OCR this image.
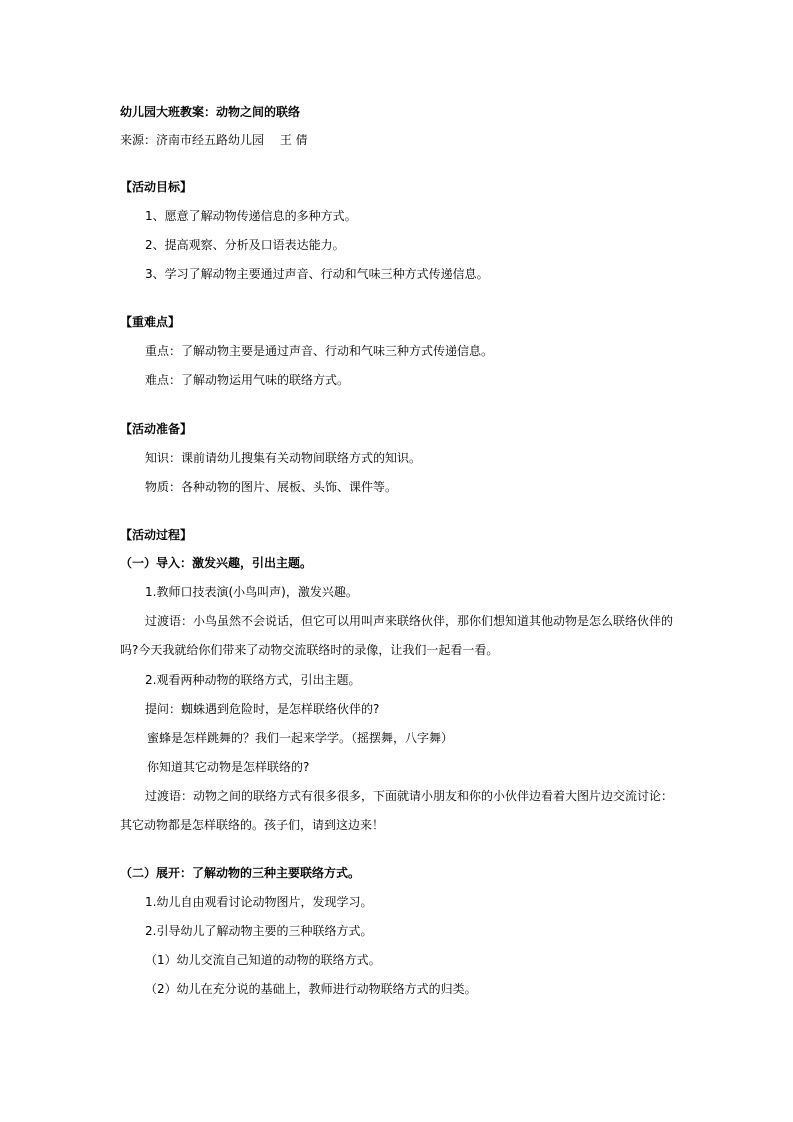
幼儿园大班教案：动物之间的联络
来源：济南市经五路幼儿园　 王 倩
【活动目标】
1、愿意了解动物传递信息的多种方式。
2、提高观察、分析及口语表达能力。
3、学习了解动物主要通过声音、行动和气味三种方式传递信息。
【重难点】
重点：了解动物主要是通过声音、行动和气味三种方式传递信息。
难点：了解动物运用气味的联络方式。
【活动准备】
知识：课前请幼儿搜集有关动物间联络方式的知识。
物质：各种动物的图片、展板、头饰、课件等。
【活动过程】
（一）导入：激发兴趣，引出主题。
1.教师口技表演(小鸟叫声)，激发兴趣。
过渡语：小鸟虽然不会说话，但它可以用叫声来联络伙伴，那你们想知道其他动物是怎么联络伙伴的
吗?今天我就给你们带来了动物交流联络时的录像，让我们一起看一看。
2.观看两种动物的联络方式，引出主题。
提问：蜘蛛遇到危险时，是怎样联络伙伴的?
蜜蜂是怎样跳舞的？我们一起来学学。（摇摆舞，八字舞）
你知道其它动物是怎样联络的?
过渡语：动物之间的联络方式有很多很多，下面就请小朋友和你的小伙伴边看着大图片边交流讨论：
其它动物都是怎样联络的。孩子们，请到这边来！
（二）展开：了解动物的三种主要联络方式。
1.幼儿自由观看讨论动物图片，发现学习。
2.引导幼儿了解动物主要的三种联络方式。
（1）幼儿交流自己知道的动物的联络方式。
（2）幼儿在充分说的基础上，教师进行动物联络方式的归类。
